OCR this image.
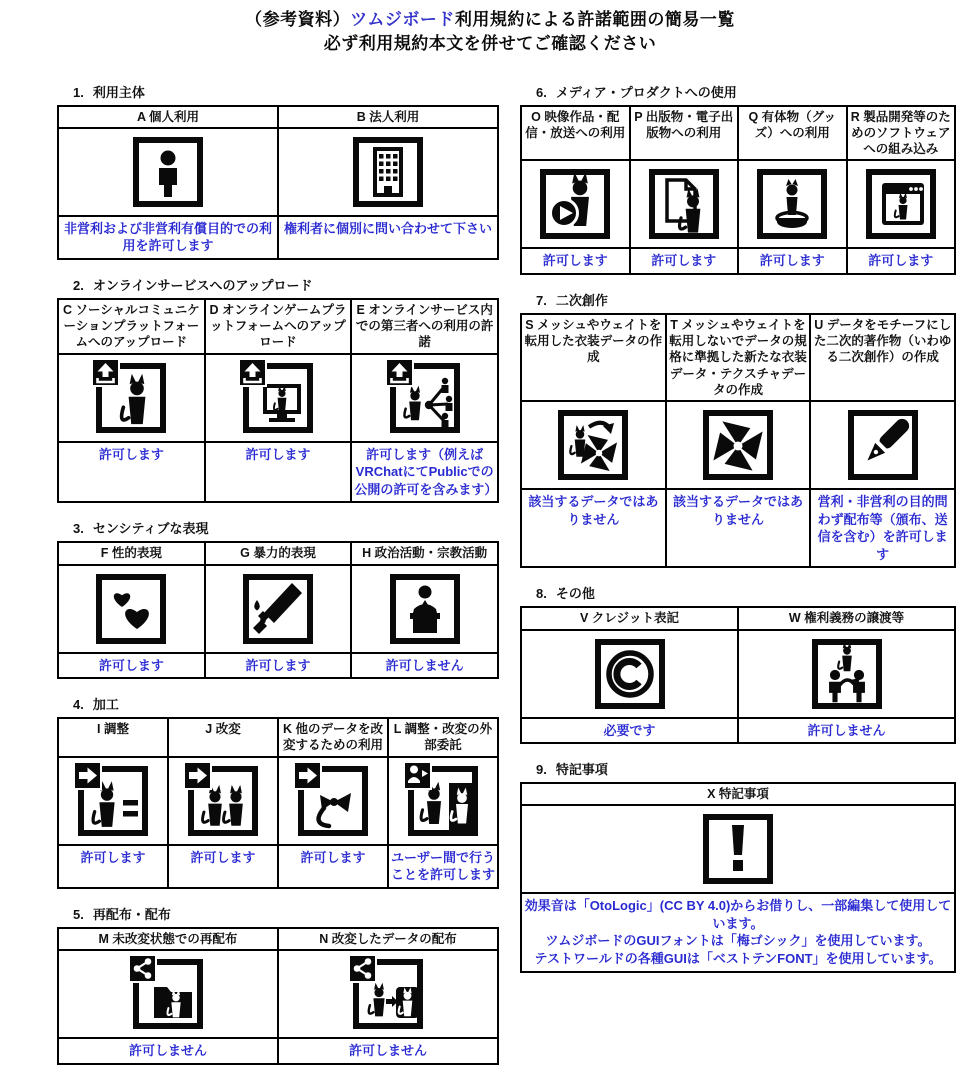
（参考資料）ツムジボード利用規約による許諾範囲の簡易一覧
必ず利用規約本文を併せてご確認ください
1. 利用主体
A 個人利用	B 法人利用

非営利および非営利有償目的での利用を許可します	権利者に個別に問い合わせて下さい
2. オンラインサービスへのアップロード
C ソーシャルコミュニケーションプラットフォームへのアップロード	D オンラインゲームプラットフォームへのアップロード	E オンラインサービス内での第三者への利用の許諾

許可します	許可します	許可します（例えばVRChatにてPublicでの公開の許可を含みます）
3. センシティブな表現
F 性的表現	G 暴力的表現	H 政治活動・宗教活動

許可します	許可します	許可しません
4. 加工
I 調整	J 改変	K 他のデータを改変するための利用	L 調整・改変の外部委託

許可します	許可します	許可します	ユーザー間で行うことを許可します
5. 再配布・配布
M 未改変状態での再配布	N 改変したデータの配布

許可しません	許可しません
6. メディア・プロダクトへの使用
O 映像作品・配信・放送への利用	P 出版物・電子出版物への利用	Q 有体物（グッズ）への利用	R 製品開発等のためのソフトウェアへの組み込み

許可します	許可します	許可します	許可します
7. 二次創作
S メッシュやウェイトを転用した衣装データの作成	T メッシュやウェイトを転用しないでデータの規格に準拠した新たな衣装データ・テクスチャデータの作成	U データをモチーフにした二次的著作物（いわゆる二次創作）の作成

該当するデータではありません	該当するデータではありません	営利・非営利の目的問わず配布等（頒布、送信を含む）を許可します
8. その他
V クレジット表記	W 権利義務の譲渡等

必要です	許可しません
9. 特記事項
X 特記事項

効果音は「OtoLogic」(CC BY 4.0)からお借りし、一部編集して使用しています。
ツムジボードのGUIフォントは「梅ゴシック」を使用しています。
テストワールドの各種GUIは「ベストテンFONT」を使用しています。
